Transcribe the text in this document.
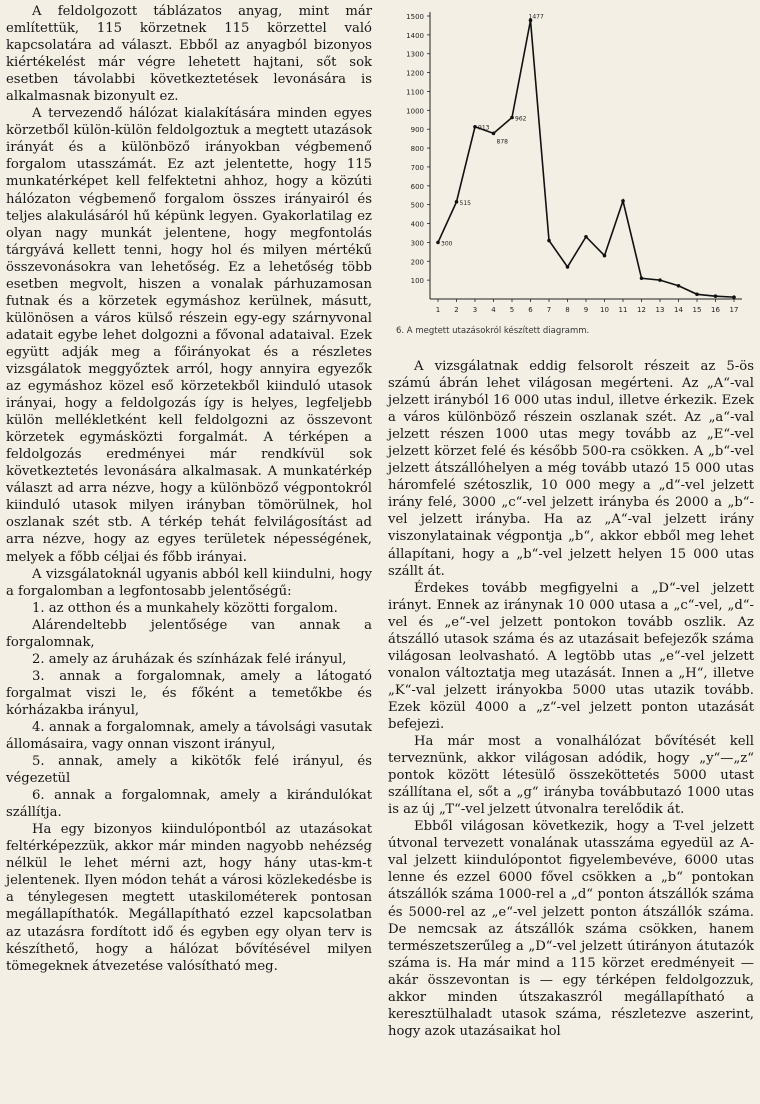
A feldolgozott táblázatos anyag, mint már említettük, 115 körzetnek 115 körzettel való kapcsolatára ad választ. Ebből az anyagból bizonyos kiértékelést már végre lehetett hajtani, sőt sok esetben távolabbi következtetések levonására is alkalmasnak bizonyult ez.

A tervezendő hálózat kialakítására minden egyes körzetből külön-külön feldolgoztuk a megtett utazások irányát és a különböző irányokban végbemenő forgalom utasszámát. Ez azt jelentette, hogy 115 munkatérképet kell felfektetni ahhoz, hogy a közúti hálózaton végbemenő forgalom összes irányairól és teljes alakulásáról hű képünk legyen. Gyakorlatilag ez olyan nagy munkát jelentene, hogy megfontolás tárgyává kellett tenni, hogy hol és milyen mértékű összevonásokra van lehetőség. Ez a lehetőség több esetben megvolt, hiszen a vonalak párhuzamosan futnak és a körzetek egymáshoz kerülnek, másutt, különösen a város külső részein egy-egy szárnyvonal adatait egybe lehet dolgozni a fővonal adataival. Ezek együtt adják meg a főirányokat és a részletes vizsgálatok meggyőztek arról, hogy annyira egyezők az egymáshoz közel eső körzetekből kiinduló utasok irányai, hogy a feldolgozás így is helyes, legfeljebb külön mellékletként kell feldolgozni az összevont körzetek egymásközti forgalmát. A térképen a feldolgozás eredményei már rendkívül sok következtetés levonására alkalmasak. A munkatérkép választ ad arra nézve, hogy a különböző végpontokról kiinduló utasok milyen irányban tömörülnek, hol oszlanak szét stb. A térkép tehát felvilágosítást ad arra nézve, hogy az egyes területek népességének, melyek a főbb céljai és főbb irányai.

A vizsgálatoknál ugyanis abból kell kiindulni, hogy a forgalomban a legfontosabb jelentőségű:

1. az otthon és a munkahely közötti forgalom.

Alárendeltebb jelentősége van annak a forgalomnak,

2. amely az áruházak és színházak felé irányul,

3. annak a forgalomnak, amely a látogató forgalmat viszi le, és főként a temetőkbe és kórházakba irányul,

4. annak a forgalomnak, amely a távolsági vasutak állomásaira, vagy onnan viszont irányul,

5. annak, amely a kikötők felé irányul, és végezetül

6. annak a forgalomnak, amely a kirándulókat szállítja.

Ha egy bizonyos kiindulópontból az utazásokat feltérképezzük, akkor már minden nagyobb nehézség nélkül le lehet mérni azt, hogy hány utas-km-t jelentenek. Ilyen módon tehát a városi közlekedésbe is a ténylegesen megtett utaskilométerek pontosan megállapíthatók. Megállapítható ezzel kapcsolatban az utazásra fordított idő és egyben egy olyan terv is készíthető, hogy a hálózat bővítésével milyen tömegeknek átvezetése valósítható meg.

100
200
300
400
500
600
700
800
900
1000
1100
1200
1300
1400
1500
1 2 3 4 5 6 7 8 9 10 11 12 13 14 15 16 17
300
515
913
878
962
1477
6. A megtett utazásokról készített diagramm.

A vizsgálatnak eddig felsorolt részeit az 5-ös számú ábrán lehet világosan megérteni. Az „A“-val jelzett irányból 16 000 utas indul, illetve érkezik. Ezek a város különböző részein oszlanak szét. Az „a“-val jelzett részen 1000 utas megy tovább az „E“-vel jelzett körzet felé és később 500-ra csökken. A „b“-vel jelzett átszállóhelyen a még tovább utazó 15 000 utas háromfelé szétoszlik, 10 000 megy a „d“-vel jelzett irány felé, 3000 „c“-vel jelzett irányba és 2000 a „b“-vel jelzett irányba. Ha az „A“-val jelzett irány viszonylatainak végpontja „b“, akkor ebből meg lehet állapítani, hogy a „b“-vel jelzett helyen 15 000 utas szállt át.

Érdekes tovább megfigyelni a „D“-vel jelzett irányt. Ennek az iránynak 10 000 utasa a „c“-vel, „d“-vel és „e“-vel jelzett pontokon tovább oszlik. Az átszálló utasok száma és az utazásait befejezők száma világosan leolvasható. A legtöbb utas „e“-vel jelzett vonalon változtatja meg utazását. Innen a „H“, illetve „K“-val jelzett irányokba 5000 utas utazik tovább. Ezek közül 4000 a „z“-vel jelzett ponton utazását befejezi.

Ha már most a vonalhálózat bővítését kell terveznünk, akkor világosan adódik, hogy „y“—„z“ pontok között létesülő összeköttetés 5000 utast szállítana el, sőt a „g“ irányba továbbutazó 1000 utas is az új „T“-vel jelzett útvonalra terelődik át.

Ebből világosan következik, hogy a T-vel jelzett útvonal tervezett vonalának utasszáma egyedül az A-val jelzett kiindulópontot figyelembevéve, 6000 utas lenne és ezzel 6000 fővel csökken a „b“ pontokan átszállók száma 1000-rel a „d“ ponton átszállók száma és 5000-rel az „e“-vel jelzett ponton átszállók száma. De nemcsak az átszállók száma csökken, hanem természetszerűleg a „D“-vel jelzett útirányon átutazók száma is. Ha már mind a 115 körzet eredményeit — akár összevontan is — egy térképen feldolgozzuk, akkor minden útszakaszról megállapítható a keresztülhaladt utasok száma, részletezve aszerint, hogy azok utazásaikat hol
